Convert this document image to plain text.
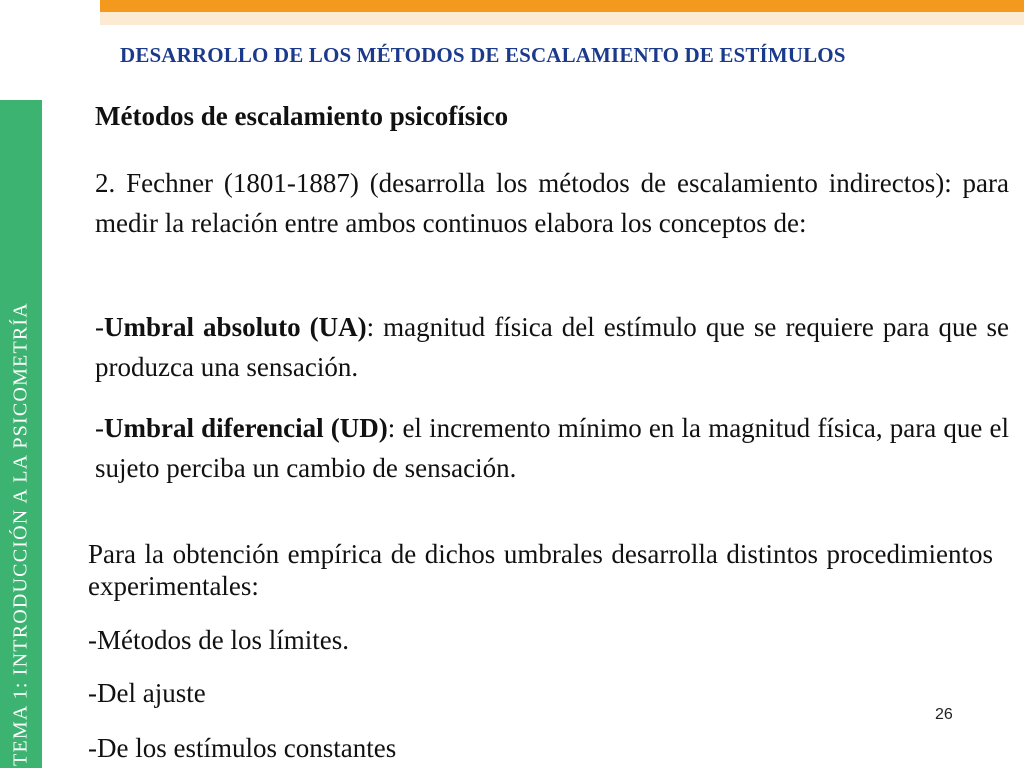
DESARROLLO DE LOS MÉTODOS DE ESCALAMIENTO DE ESTÍMULOS
TEMA 1: INTRODUCCIÓN A LA PSICOMETRÍA
Métodos de escalamiento psicofísico
2. Fechner (1801-1887) (desarrolla los métodos de escalamiento indirectos): para medir la relación entre ambos continuos elabora los conceptos de:
-Umbral absoluto (UA): magnitud física del estímulo que se requiere para que se produzca una sensación.
-Umbral diferencial (UD): el incremento mínimo en la magnitud física, para que el sujeto perciba un cambio de sensación.
Para la obtención empírica de dichos umbrales desarrolla distintos procedimientos experimentales:
-Métodos de los límites.
-Del ajuste
-De los estímulos constantes
26
